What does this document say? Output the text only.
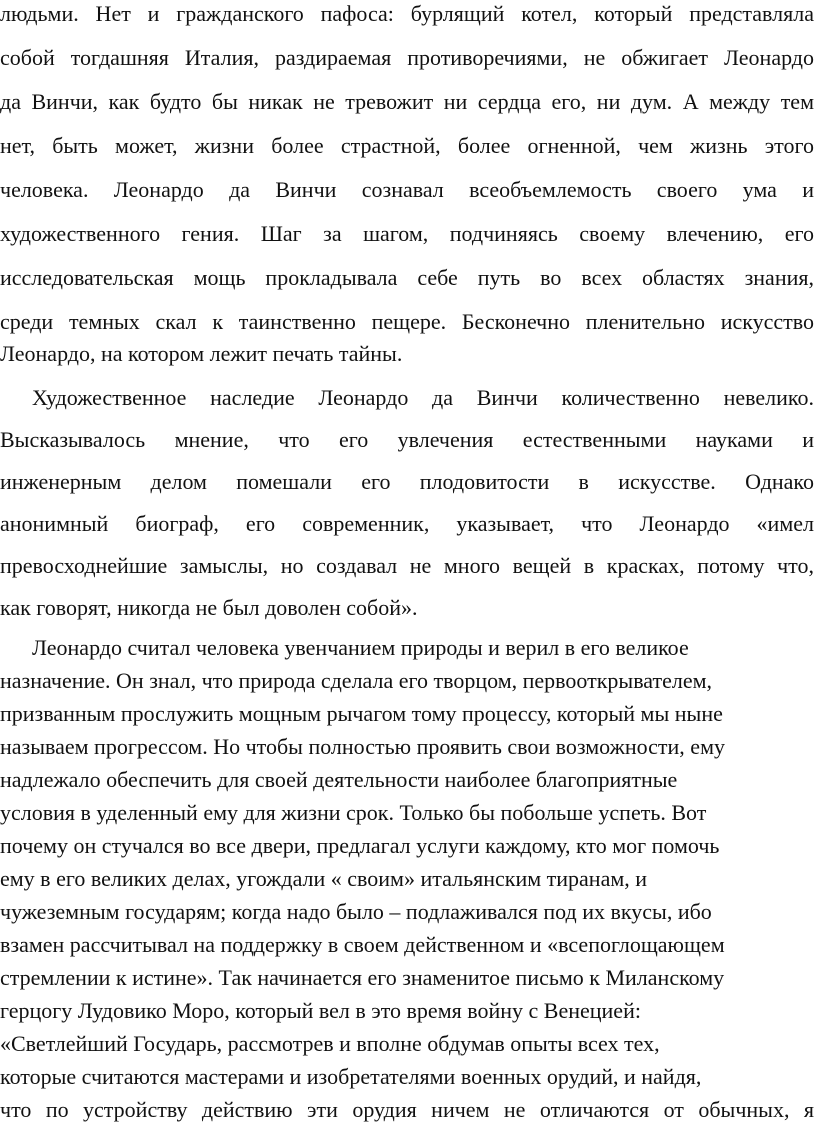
людьми. Нет и гражданского пафоса: бурлящий котел, который представляла
собой тогдашняя Италия, раздираемая противоречиями, не обжигает Леонардо
да Винчи, как будто бы никак не тревожит ни сердца его, ни дум. А между тем
нет, быть может, жизни более страстной, более огненной, чем жизнь этого
человека. Леонардо да Винчи сознавал всеобъемлемость своего ума и
художественного гения. Шаг за шагом, подчиняясь своему влечению, его
исследовательская мощь прокладывала себе путь во всех областях знания,
среди темных скал к таинственно пещере. Бесконечно пленительно искусство
Леонардо, на котором лежит печать тайны.
Художественное наследие Леонардо да Винчи количественно невелико.
Высказывалось мнение, что его увлечения естественными науками и
инженерным делом помешали его плодовитости в искусстве. Однако
анонимный биограф, его современник, указывает, что Леонардо «имел
превосходнейшие замыслы, но создавал не много вещей в красках, потому что,
как говорят, никогда не был доволен собой».
Леонардо считал человека увенчанием природы и верил в его великое
назначение. Он знал, что природа сделала его творцом, первооткрывателем,
призванным прослужить мощным рычагом тому процессу, который мы ныне
называем прогрессом. Но чтобы полностью проявить свои возможности, ему
надлежало обеспечить для своей деятельности наиболее благоприятные
условия в уделенный ему для жизни срок. Только бы побольше успеть. Вот
почему он стучался во все двери, предлагал услуги каждому, кто мог помочь
ему в его великих делах, угождали « своим» итальянским тиранам, и
чужеземным государям; когда надо было – подлаживался под их вкусы, ибо
взамен рассчитывал на поддержку в своем действенном и «всепоглощающем
стремлении к истине». Так начинается его знаменитое письмо к Миланскому
герцогу Лудовико Моро, который вел в это время войну с Венецией:
«Светлейший Государь, рассмотрев и вполне обдумав опыты всех тех,
которые считаются мастерами и изобретателями военных орудий, и найдя,
что по устройству действию эти орудия ничем не отличаются от обычных, я
